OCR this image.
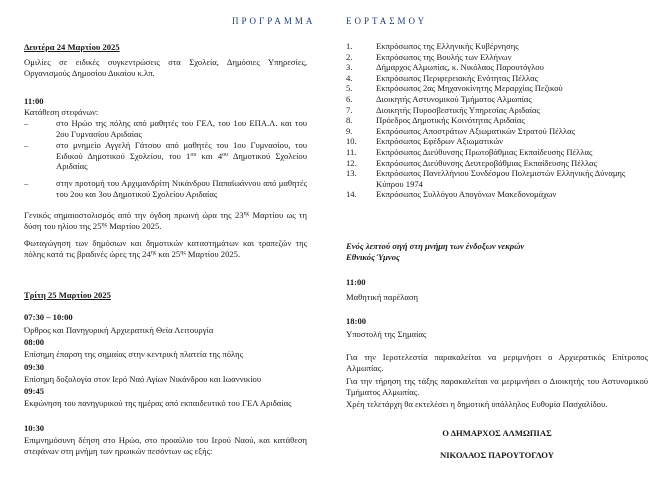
ΠΡΟΓΡΑΜΜΑ	ΕΟΡΤΑΣΜΟΥ
Δευτέρα 24 Μαρτίου 2025
Ομιλίες σε ειδικές συγκεντρώσεις στα Σχολεία, Δημόσιες Υπηρεσίες, Οργανισμούς Δημοσίου Δικαίου κ.λπ.
11:00
Κατάθεση στεφάνων:
–	στο Ηρώο της πόλης από μαθητές του ΓΕΛ, του 1ου ΕΠΑ.Λ. και του 2ου Γυμνασίου Αριδαίας
–	στο μνημείο Αγγελή Γάτσου από μαθητές του 1ου Γυμνασίου, του Ειδικού Δημοτικού Σχολείου, του $1^{o\upsilon}$ και $4^{o\upsilon}$ Δημοτικού Σχολείου Αριδαίας
–	στην προτομή του Αρχιμανδρίτη Νικάνδρου Παπαϊωάννου από μαθητές του 2ου και 3ου Δημοτικού Σχολείου Αριδαίας
Γενικός σημαιοστολισμός από την όγδοη πρωινή ώρα της $23^{\eta\varsigma}$ Μαρτίου ως τη δύση του ηλίου της $25^{\eta\varsigma}$ Μαρτίου 2025.
Φωταγώγηση των δημόσιων και δημοτικών καταστημάτων και τραπεζών της πόλης κατά τις βραδινές ώρες της $24^{\eta\varsigma}$ και $25^{\eta\varsigma}$ Μαρτίου 2025.
Τρίτη 25 Μαρτίου 2025
07:30 – 10:00
Όρθρος και Πανηγυρική Αρχιερατική Θεία Λειτουργία
08:00
Επίσημη έπαρση της σημαίας στην κεντρική πλατεία της πόλης
09:30
Επίσημη δοξολογία στον Ιερό Ναό Αγίων Νικάνδρου και Ιωαννικίου
09:45
Εκφώνηση του πανηγυρικού της ημέρας από εκπαιδευτικό του ΓΕΛ Αριδαίας
10:30
Επιμνημόσυνη δέηση στο Ηρώο, στο προαύλιο του Ιερού Ναού, και κατάθεση στεφάνων στη μνήμη των ηρωικών πεσόντων ως εξής:
1.	Εκπρόσωπος της Ελληνικής Κυβέρνησης
2.	Εκπρόσωπος της Βουλής των Ελλήνων
3.	Δήμαρχος Αλμωπίας, κ. Νικόλαος Παρουτόγλου
4.	Εκπρόσωπος Περιφερειακής Ενότητας Πέλλας
5.	Εκπρόσωπος 2ας Μηχανοκίνητης Μεραρχίας Πεζικού
6.	Διοικητής Αστυνομικού Τμήματος Αλμωπίας
7.	Διοικητής Πυροσβεστικής Υπηρεσίας Αριδαίας
8.	Πρόεδρος Δημοτικής Κοινότητας Αριδαίας
9.	Εκπρόσωπος Αποστράτων Αξιωματικών Στρατού Πέλλας
10.	Εκπρόσωπος Εφέδρων Αξιωματικών
11.	Εκπρόσωπος Διεύθυνσης Πρωτοβάθμιας Εκπαίδευσης Πέλλας
12.	Εκπρόσωπος Διεύθυνσης Δευτεροβάθμιας Εκπαίδευσης Πέλλας
13.	Εκπρόσωπος Πανελλήνιου Συνδέσμου Πολεμιστών Ελληνικής Δύναμης Κύπρου 1974
14.	Εκπρόσωπος Συλλόγου Απογόνων Μακεδονομάχων
Ενός λεπτού σιγή στη μνήμη των ένδοξων νεκρών
Εθνικός Ύμνος
11:00
Μαθητική παρέλαση
18:00
Υποστολή της Σημαίας
Για την Ιεροτελεστία παρακαλείται να μεριμνήσει ο Αρχιερατικός Επίτροπος Αλμωπίας.
Για την τήρηση της τάξης παρακαλείται να μεριμνήσει ο Διοικητής του Αστυνομικού Τμήματος Αλμωπίας.
Χρέη τελετάρχη θα εκτελέσει η δημοτική υπάλληλος Ευθυμία Πασχαλίδου.
Ο ΔΗΜΑΡΧΟΣ ΑΛΜΩΠΙΑΣ
ΝΙΚΟΛΑΟΣ ΠΑΡΟΥΤΟΓΛΟΥ
